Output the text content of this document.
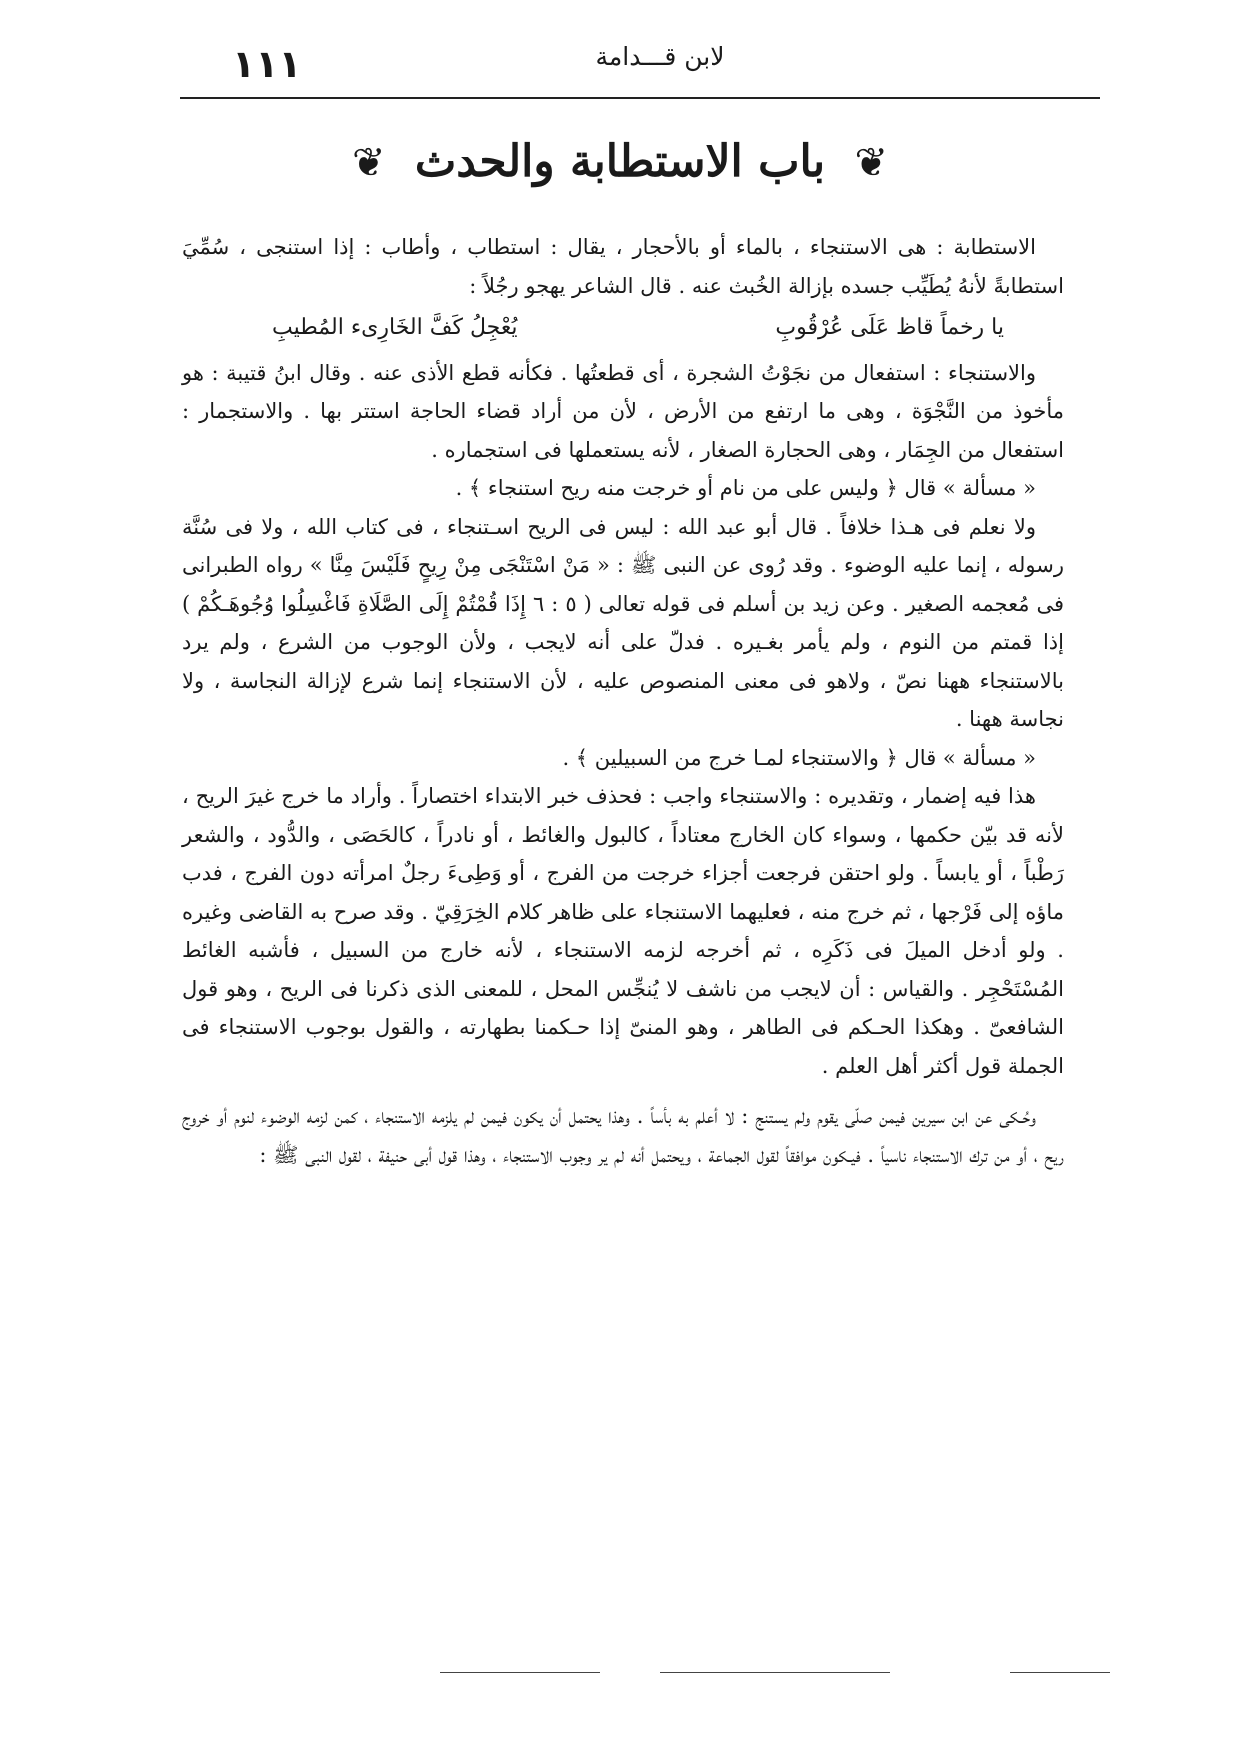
لابن قـــدامة
١١١
❦ باب الاستطابة والحدث ❦

الاستطابة : هى الاستنجاء ، بالماء أو بالأحجار ، يقال : استطاب ، وأطاب : إذا استنجى ، سُمِّيَ استطابةً لأنهُ يُطَيِّب جسده بإزالة الخُبث عنه . قال الشاعر يهجو رجُلاً :

يا رخماً قاظ عَلَى عُرْقُوبِ
يُعْجِلُ كَفَّ الخَارِىء المُطيبِ

والاستنجاء : استفعال من نجَوْتُ الشجرة ، أى قطعتُها . فكأنه قطع الأذى عنه . وقال ابنُ قتيبة : هو مأخوذ من النَّجْوَة ، وهى ما ارتفع من الأرض ، لأن من أراد قضاء الحاجة استتر بها . والاستجمار : استفعال من الجِمَار ، وهى الحجارة الصغار ، لأنه يستعملها فى استجماره .

« مسألة » قال ﴿ وليس على من نام أو خرجت منه ريح استنجاء ﴾ .

ولا نعلم فى هـذا خلافاً . قال أبو عبد الله : ليس فى الريح اسـتنجاء ، فى كتاب الله ، ولا فى سُنَّة رسوله ، إنما عليه الوضوء . وقد رُوى عن النبى ﷺ : « مَنْ اسْتَنْجَى مِنْ رِيحٍ فَلَيْسَ مِنَّا » رواه الطبرانى فى مُعجمه الصغير . وعن زيد بن أسلم فى قوله تعالى ( ٥ : ٦ إِذَا قُمْتُمْ إِلَى الصَّلَاةِ فَاغْسِلُوا وُجُوهَـكُمْ ) إذا قمتم من النوم ، ولم يأمر بغـيره . فدلّ على أنه لايجب ، ولأن الوجوب من الشرع ، ولم يرد بالاستنجاء ههنا نصّ ، ولاهو فى معنى المنصوص عليه ، لأن الاستنجاء إنما شرع لإزالة النجاسة ، ولا نجاسة ههنا .

« مسألة » قال ﴿ والاستنجاء لمـا خرج من السبيلين ﴾ .

هذا فيه إضمار ، وتقديره : والاستنجاء واجب : فحذف خبر الابتداء اختصاراً . وأراد ما خرج غيرَ الريح ، لأنه قد بيّن حكمها ، وسواء كان الخارج معتاداً ، كالبول والغائط ، أو نادراً ، كالحَصَى ، والدُّود ، والشعر رَطْباً ، أو يابساً . ولو احتقن فرجعت أجزاء خرجت من الفرج ، أو وَطِىءَ رجلٌ امرأته دون الفرج ، فدب ماؤه إلى فَرْجها ، ثم خرج منه ، فعليهما الاستنجاء على ظاهر كلام الخِرَقِيّ . وقد صرح به القاضى وغيره . ولو أدخل الميلَ فى ذَكَرِه ، ثم أخرجه لزمه الاستنجاء ، لأنه خارج من السبيل ، فأشبه الغائط المُسْتَحْجِر . والقياس : أن لايجب من ناشف لا يُنجِّس المحل ، للمعنى الذى ذكرنا فى الريح ، وهو قول الشافعىّ . وهكذا الحـكم فى الطاهر ، وهو المنىّ إذا حـكمنا بطهارته ، والقول بوجوب الاستنجاء فى الجملة قول أكثر أهل العلم .

وحُـكى عن ابن سيرين فيمن صلّى يقوم ولم يستنج : لا أعلم به بأساً . وهذا يحتمل أن يكون فيمن لم يلزمه الاستنجاء ، كمن لزمه الوضوء لنوم أو خروج ريح ، أو من ترك الاستنجاء ناسياً . فيـكون موافقاً لقول الجماعة ، ويحتمل أنه لم ير وجوب الاستنجاء ، وهذا قول أبى حنيفة ، لقول النبى ﷺ :
